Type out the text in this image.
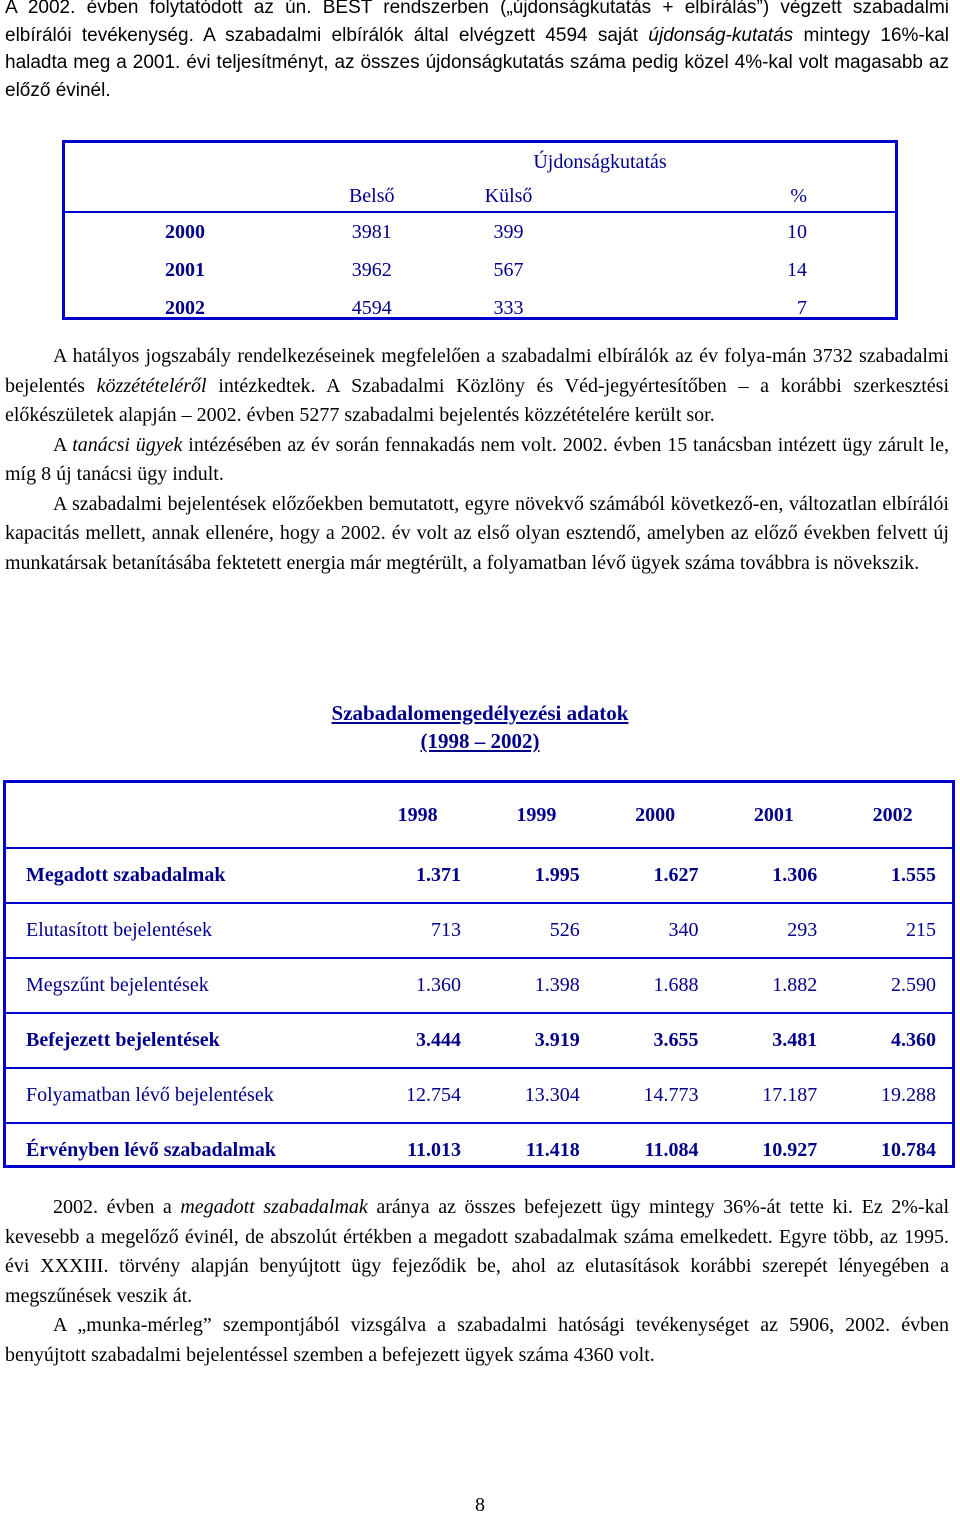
A 2002. évben folytatódott az ún. BEST rendszerben („újdonságkutatás + elbírálás”) végzett szabadalmi elbírálói tevékenység. A szabadalmi elbírálók által elvégzett 4594 saját újdonság-kutatás mintegy 16%-kal haladta meg a 2001. évi teljesítményt, az összes újdonságkutatás száma pedig közel 4%-kal volt magasabb az előző évinél.

	Újdonságkutatás		
	Belső	Külső	%
2000	3981	399	10
2001	3962	567	14
2002	4594	333	7

A hatályos jogszabály rendelkezéseinek megfelelően a szabadalmi elbírálók az év folya-mán 3732 szabadalmi bejelentés közzétételéről intézkedtek. A Szabadalmi Közlöny és Véd-jegyértesítőben – a korábbi szerkesztési előkészületek alapján – 2002. évben 5277 szabadalmi bejelentés közzétételére került sor.

A tanácsi ügyek intézésében az év során fennakadás nem volt. 2002. évben 15 tanácsban intézett ügy zárult le, míg 8 új tanácsi ügy indult.

A szabadalmi bejelentések előzőekben bemutatott, egyre növekvő számából következő-en, változatlan elbírálói kapacitás mellett, annak ellenére, hogy a 2002. év volt az első olyan esztendő, amelyben az előző években felvett új munkatársak betanításába fektetett energia már megtérült, a folyamatban lévő ügyek száma továbbra is növekszik.

Szabadalomengedélyezési adatok
(1998 – 2002)
	1998	1999	2000	2001	2002
Megadott szabadalmak	1.371	1.995	1.627	1.306	1.555
Elutasított bejelentések	713	526	340	293	215
Megszűnt bejelentések	1.360	1.398	1.688	1.882	2.590
Befejezett bejelentések	3.444	3.919	3.655	3.481	4.360
Folyamatban lévő bejelentések	12.754	13.304	14.773	17.187	19.288
Érvényben lévő szabadalmak	11.013	11.418	11.084	10.927	10.784

2002. évben a megadott szabadalmak aránya az összes befejezett ügy mintegy 36%-át tette ki. Ez 2%-kal kevesebb a megelőző évinél, de abszolút értékben a megadott szabadalmak száma emelkedett. Egyre több, az 1995. évi XXXIII. törvény alapján benyújtott ügy fejeződik be, ahol az elutasítások korábbi szerepét lényegében a megszűnések veszik át.

A „munka-mérleg” szempontjából vizsgálva a szabadalmi hatósági tevékenységet az 5906, 2002. évben benyújtott szabadalmi bejelentéssel szemben a befejezett ügyek száma 4360 volt.

8
